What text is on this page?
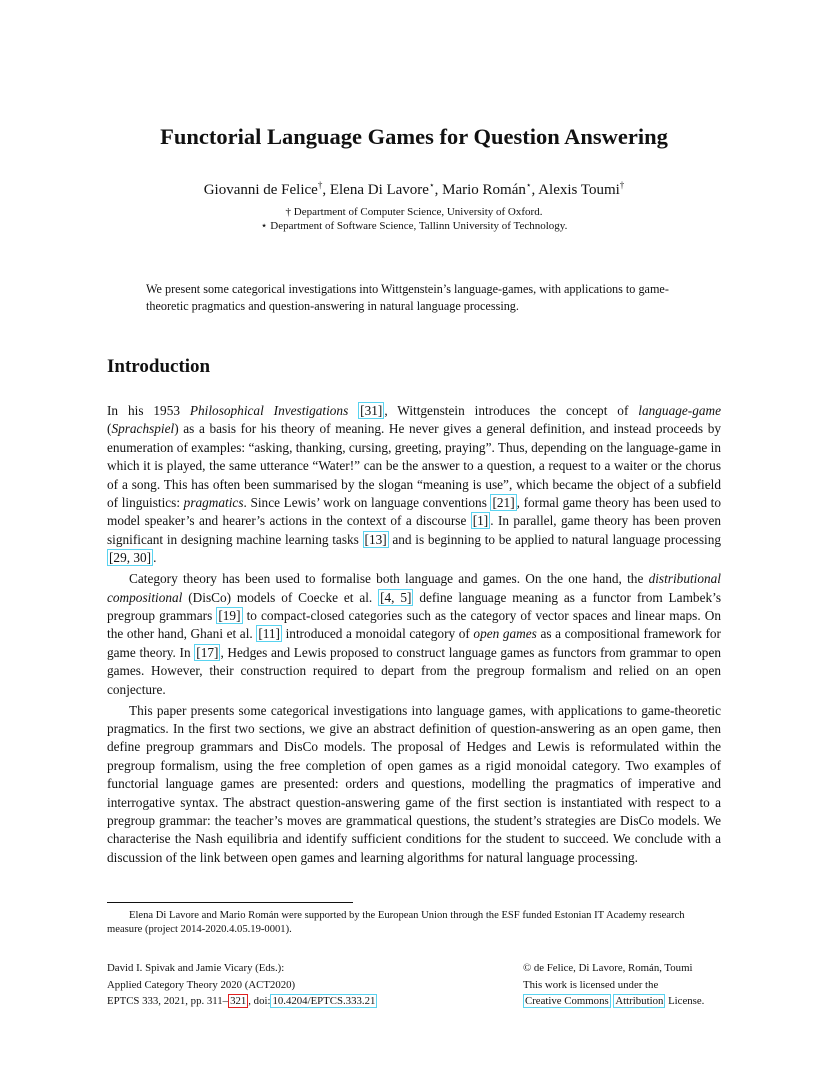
Functorial Language Games for Question Answering
Giovanni de Felice†, Elena Di Lavore⋆, Mario Román⋆, Alexis Toumi†
† Department of Computer Science, University of Oxford.
⋆ Department of Software Science, Tallinn University of Technology.

We present some categorical investigations into Wittgenstein’s language-games, with applications to game-theoretic pragmatics and question-answering in natural language processing.

Introduction

In his 1953 Philosophical Investigations [31] , Wittgenstein introduces the concept of language-game (Sprachspiel) as a basis for his theory of meaning. He never gives a general definition, and instead proceeds by enumeration of examples: “asking, thanking, cursing, greeting, praying”. Thus, depending on the language-game in which it is played, the same utterance “Water!” can be the answer to a question, a request to a waiter or the chorus of a song. This has often been summarised by the slogan “meaning is use”, which became the object of a subfield of linguistics: pragmatics. Since Lewis’ work on language conventions [21] , formal game theory has been used to model speaker’s and hearer’s actions in the context of a discourse [1] . In parallel, game theory has been proven significant in designing machine learning tasks [13] and is beginning to be applied to natural language processing [29, 30] .

Category theory has been used to formalise both language and games. On the one hand, the distributional compositional (DisCo) models of Coecke et al. [4, 5] define language meaning as a functor from Lambek’s pregroup grammars [19] to compact-closed categories such as the category of vector spaces and linear maps. On the other hand, Ghani et al. [11] introduced a monoidal category of open games as a compositional framework for game theory. In [17] , Hedges and Lewis proposed to construct language games as functors from grammar to open games. However, their construction required to depart from the pregroup formalism and relied on an open conjecture.

This paper presents some categorical investigations into language games, with applications to game-theoretic pragmatics. In the first two sections, we give an abstract definition of question-answering as an open game, then define pregroup grammars and DisCo models. The proposal of Hedges and Lewis is reformulated within the pregroup formalism, using the free completion of open games as a rigid monoidal category. Two examples of functorial language games are presented: orders and questions, modelling the pragmatics of imperative and interrogative syntax. The abstract question-answering game of the first section is instantiated with respect to a pregroup grammar: the teacher’s moves are grammatical questions, the student’s strategies are DisCo models. We characterise the Nash equilibria and identify sufficient conditions for the student to succeed. We conclude with a discussion of the link between open games and learning algorithms for natural language processing.

Elena Di Lavore and Mario Román were supported by the European Union through the ESF funded Estonian IT Academy research measure (project 2014-2020.4.05.19-0001).

David I. Spivak and Jamie Vicary (Eds.):
Applied Category Theory 2020 (ACT2020)
EPTCS 333, 2021, pp. 311– 321 , doi: 10.4204/EPTCS.333.21
© de Felice, Di Lavore, Román, Toumi
This work is licensed under the
Creative Commons Attribution License.
